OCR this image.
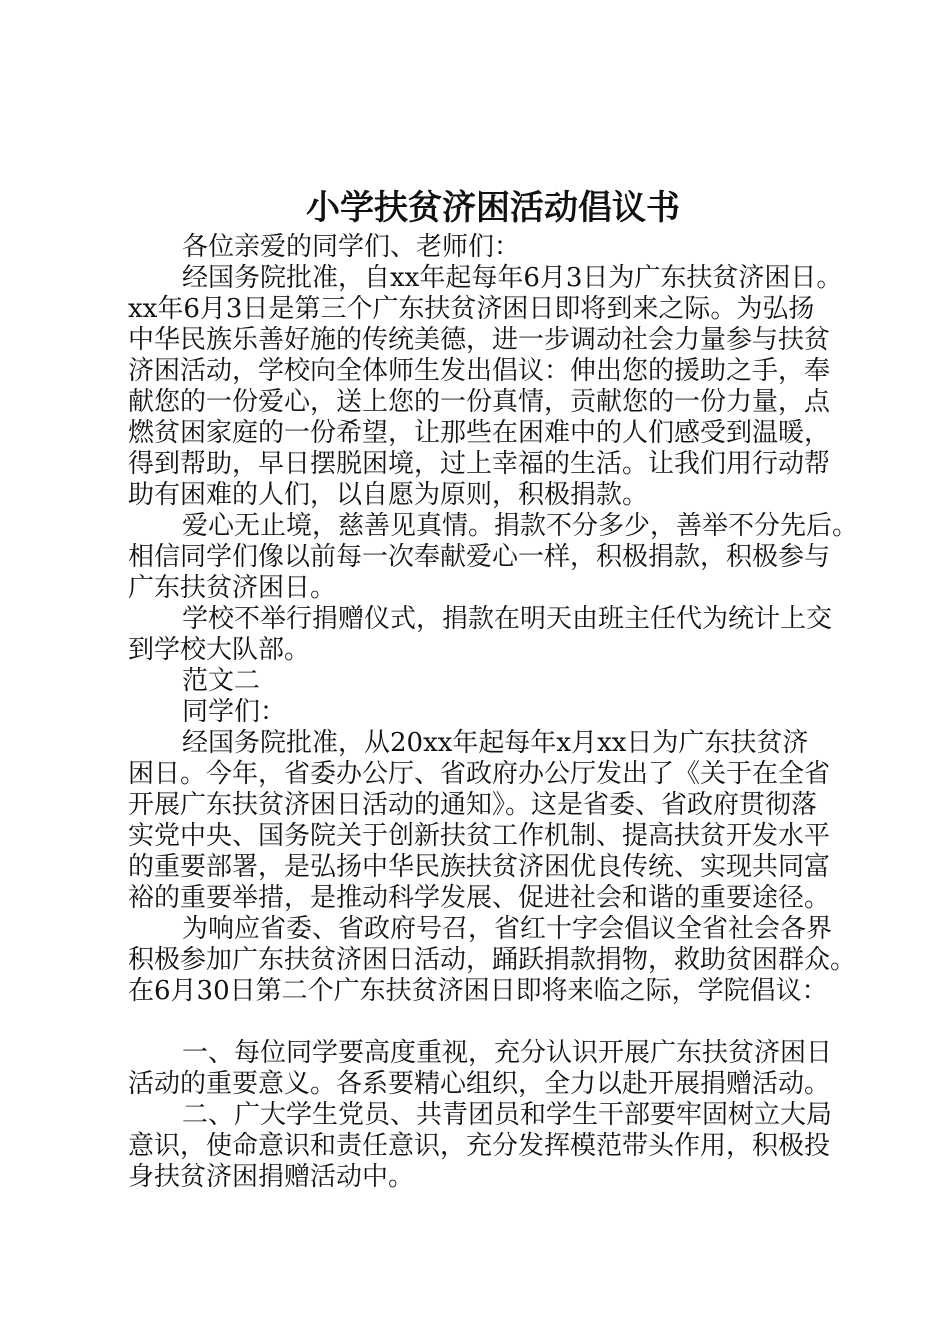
小学扶贫济困活动倡议书
各位亲爱的同学们、老师们：
经国务院批准，自xx年起每年6月3日为广东扶贫济困日。
xx年6月3日是第三个广东扶贫济困日即将到来之际。为弘扬
中华民族乐善好施的传统美德，进一步调动社会力量参与扶贫
济困活动，学校向全体师生发出倡议：伸出您的援助之手，奉
献您的一份爱心，送上您的一份真情，贡献您的一份力量，点
燃贫困家庭的一份希望，让那些在困难中的人们感受到温暖，
得到帮助，早日摆脱困境，过上幸福的生活。让我们用行动帮
助有困难的人们，以自愿为原则，积极捐款。
爱心无止境，慈善见真情。捐款不分多少，善举不分先后。
相信同学们像以前每一次奉献爱心一样，积极捐款，积极参与
广东扶贫济困日。
学校不举行捐赠仪式，捐款在明天由班主任代为统计上交
到学校大队部。
范文二
同学们：
经国务院批准，从20xx年起每年x月xx日为广东扶贫济
困日。今年，省委办公厅、省政府办公厅发出了《关于在全省
开展广东扶贫济困日活动的通知》。这是省委、省政府贯彻落
实党中央、国务院关于创新扶贫工作机制、提高扶贫开发水平
的重要部署，是弘扬中华民族扶贫济困优良传统、实现共同富
裕的重要举措，是推动科学发展、促进社会和谐的重要途径。
为响应省委、省政府号召，省红十字会倡议全省社会各界
积极参加广东扶贫济困日活动，踊跃捐款捐物，救助贫困群众。
在6月30日第二个广东扶贫济困日即将来临之际，学院倡议：
一、每位同学要高度重视，充分认识开展广东扶贫济困日
活动的重要意义。各系要精心组织，全力以赴开展捐赠活动。
二、广大学生党员、共青团员和学生干部要牢固树立大局
意识，使命意识和责任意识，充分发挥模范带头作用，积极投
身扶贫济困捐赠活动中。
